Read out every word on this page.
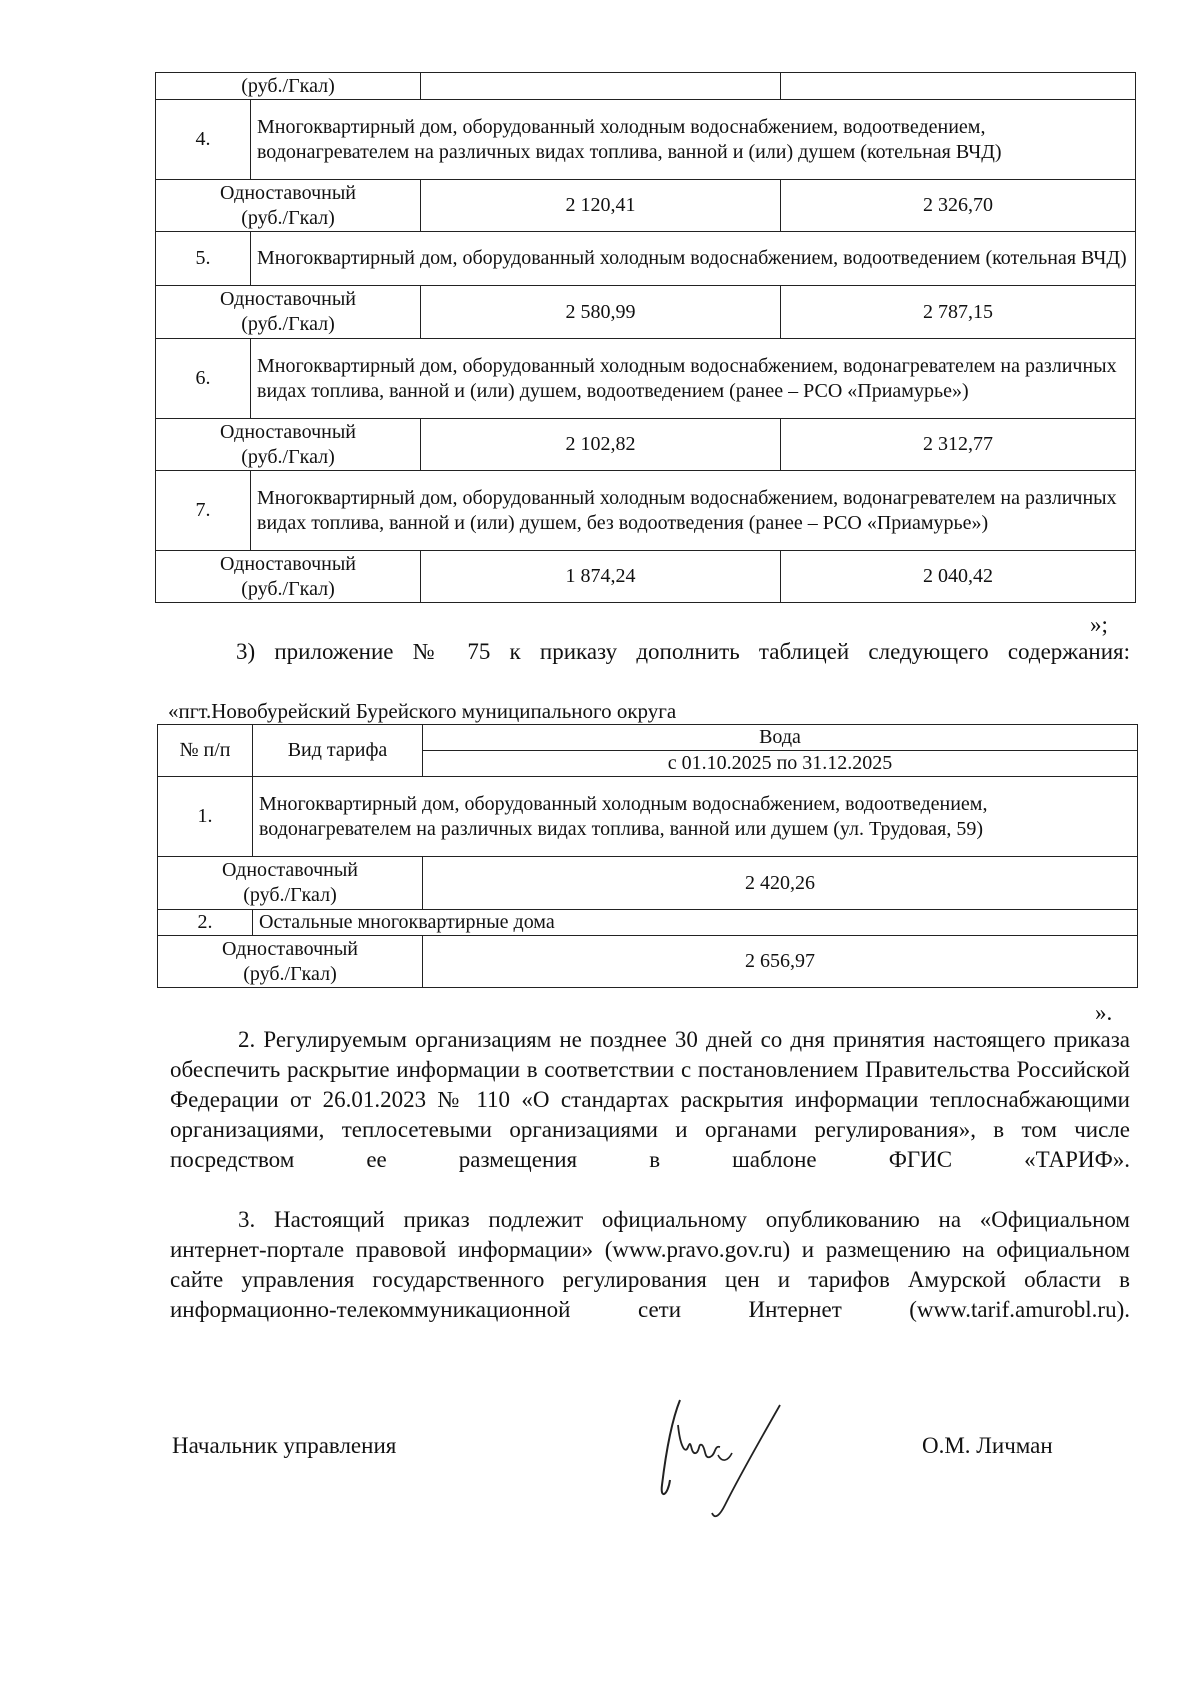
(руб./Гкал)			
4.	Многоквартирный дом, оборудованный холодным водоснабжением, водоотведением, водонагревателем на различных видах топлива, ванной и (или) душем (котельная ВЧД)		
Одноставочный
(руб./Гкал)		2 120,41	2 326,70
5.	Многоквартирный дом, оборудованный холодным водоснабжением, водоотведением (котельная ВЧД)		
Одноставочный
(руб./Гкал)		2 580,99	2 787,15
6.	Многоквартирный дом, оборудованный холодным водоснабжением, водонагревателем на различных видах топлива, ванной и (или) душем, водоотведением (ранее – РСО «Приамурье»)		
Одноставочный
(руб./Гкал)		2 102,82	2 312,77
7.	Многоквартирный дом, оборудованный холодным водоснабжением, водонагревателем на различных видах топлива, ванной и (или) душем, без водоотведения (ранее – РСО «Приамурье»)		
Одноставочный
(руб./Гкал)		1 874,24	2 040,42

»;

3) приложение № 75 к приказу дополнить таблицей следующего содержания:

«пгт.Новобурейский Бурейского муниципального округа

№ п/п	Вид тарифа	Вода
		с 01.10.2025 по 31.12.2025
1.	Многоквартирный дом, оборудованный холодным водоснабжением, водоотведением, водонагревателем на различных видах топлива, ванной или душем (ул. Трудовая, 59)	
Одноставочный
(руб./Гкал)		2 420,26
2.	Остальные многоквартирные дома	
Одноставочный
(руб./Гкал)		2 656,97

».

2. Регулируемым организациям не позднее 30 дней со дня принятия настоящего приказа обеспечить раскрытие информации в соответствии с постановлением Правительства Российской Федерации от 26.01.2023 № 110 «О стандартах раскрытия информации теплоснабжающими организациями, теплосетевыми организациями и органами регулирования», в том числе посредством ее размещения в шаблоне ФГИС «ТАРИФ».

3. Настоящий приказ подлежит официальному опубликованию на «Официальном интернет-портале правовой информации» (www.pravo.gov.ru) и размещению на официальном сайте управления государственного регулирования цен и тарифов Амурской области в информационно-телекоммуникационной сети Интернет (www.tarif.amurobl.ru).

Начальник управления	О.М. Личман
